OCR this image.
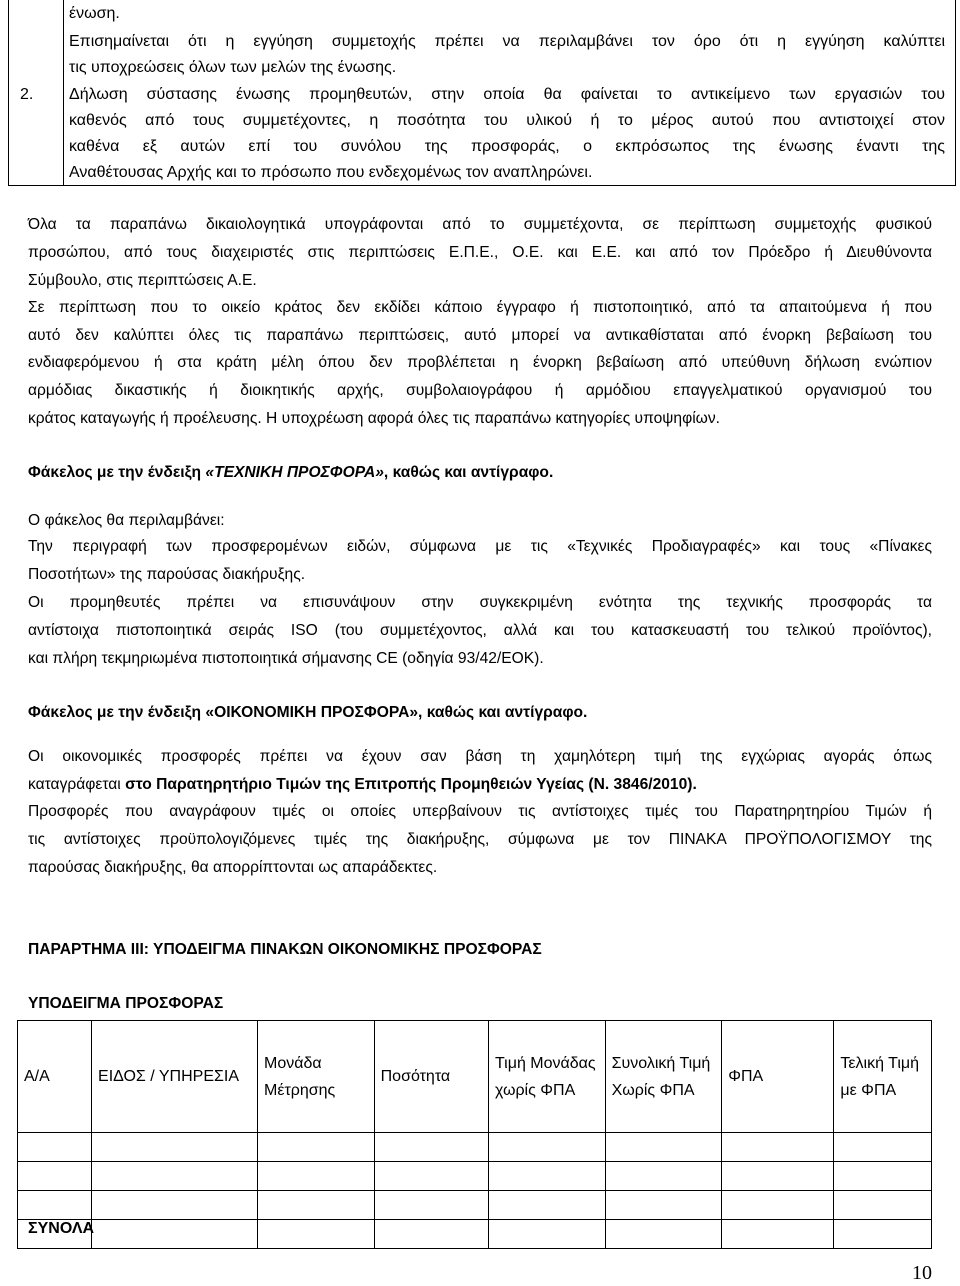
ένωση.
Επισημαίνεται ότι η εγγύηση συμμετοχής πρέπει να περιλαμβάνει τον όρο ότι η εγγύηση καλύπτει
τις υποχρεώσεις όλων των μελών της ένωσης.
2. Δήλωση σύστασης ένωσης προμηθευτών, στην οποία θα φαίνεται το αντικείμενο των εργασιών του
καθενός από τους συμμετέχοντες, η ποσότητα του υλικού ή το μέρος αυτού που αντιστοιχεί στον
καθένα εξ αυτών επί του συνόλου της προσφοράς, ο εκπρόσωπος της ένωσης έναντι της
Αναθέτουσας Αρχής και το πρόσωπο που ενδεχομένως τον αναπληρώνει.
Όλα τα παραπάνω δικαιολογητικά υπογράφονται από το συμμετέχοντα, σε περίπτωση συμμετοχής φυσικού
προσώπου, από τους διαχειριστές στις περιπτώσεις Ε.Π.Ε., Ο.Ε. και Ε.Ε. και από τον Πρόεδρο ή Διευθύνοντα
Σύμβουλο, στις περιπτώσεις Α.Ε.
Σε περίπτωση που το οικείο κράτος δεν εκδίδει κάποιο έγγραφο ή πιστοποιητικό, από τα απαιτούμενα ή που
αυτό δεν καλύπτει όλες τις παραπάνω περιπτώσεις, αυτό μπορεί να αντικαθίσταται από ένορκη βεβαίωση του
ενδιαφερόμενου ή στα κράτη μέλη όπου δεν προβλέπεται η ένορκη βεβαίωση από υπεύθυνη δήλωση ενώπιον
αρμόδιας δικαστικής ή διοικητικής αρχής, συμβολαιογράφου ή αρμόδιου επαγγελματικού οργανισμού του
κράτος καταγωγής ή προέλευσης. Η υποχρέωση αφορά όλες τις παραπάνω κατηγορίες υποψηφίων.
Φάκελος με την ένδειξη «ΤΕΧΝΙΚΗ ΠΡΟΣΦΟΡΑ», καθώς και αντίγραφο.
Ο φάκελος θα περιλαμβάνει:
Την περιγραφή των προσφερομένων ειδών, σύμφωνα με τις «Τεχνικές Προδιαγραφές» και τους «Πίνακες
Ποσοτήτων» της παρούσας διακήρυξης.
Οι προμηθευτές πρέπει να επισυνάψουν στην συγκεκριμένη ενότητα της τεχνικής προσφοράς τα
αντίστοιχα πιστοποιητικά σειράς ISO (του συμμετέχοντος, αλλά και του κατασκευαστή του τελικού προϊόντος),
και πλήρη τεκμηριωμένα πιστοποιητικά σήμανσης CE (οδηγία 93/42/ΕΟΚ).
Φάκελος με την ένδειξη «ΟΙΚΟΝΟΜΙΚΗ ΠΡΟΣΦΟΡΑ», καθώς και αντίγραφο.
Οι οικονομικές προσφορές πρέπει να έχουν σαν βάση τη χαμηλότερη τιμή της εγχώριας αγοράς όπως
καταγράφεται στο Παρατηρητήριο Τιμών της Επιτροπής Προμηθειών Υγείας (Ν. 3846/2010).
Προσφορές που αναγράφουν τιμές οι οποίες υπερβαίνουν τις αντίστοιχες τιμές του Παρατηρητηρίου Τιμών ή
τις αντίστοιχες προϋπολογιζόμενες τιμές της διακήρυξης, σύμφωνα με τον ΠΙΝΑΚΑ ΠΡΟΫΠΟΛΟΓΙΣΜΟΥ της
παρούσας διακήρυξης, θα απορρίπτονται ως απαράδεκτες.
ΠΑΡΑΡΤΗΜΑ ΙΙΙ: ΥΠΟΔΕΙΓΜΑ ΠΙΝΑΚΩΝ ΟΙΚΟΝΟΜΙΚΗΣ ΠΡΟΣΦΟΡΑΣ
ΥΠΟΔΕΙΓΜΑ ΠΡΟΣΦΟΡΑΣ
Α/Α	ΕΙΔΟΣ / ΥΠΗΡΕΣΙΑ	Μονάδα Μέτρησης	Ποσότητα	Τιμή Μονάδας χωρίς ΦΠΑ	Συνολική Τιμή Χωρίς ΦΠΑ	ΦΠΑ	Τελική Τιμή με ΦΠΑ

ΣΥΝΟΛΑ
10
